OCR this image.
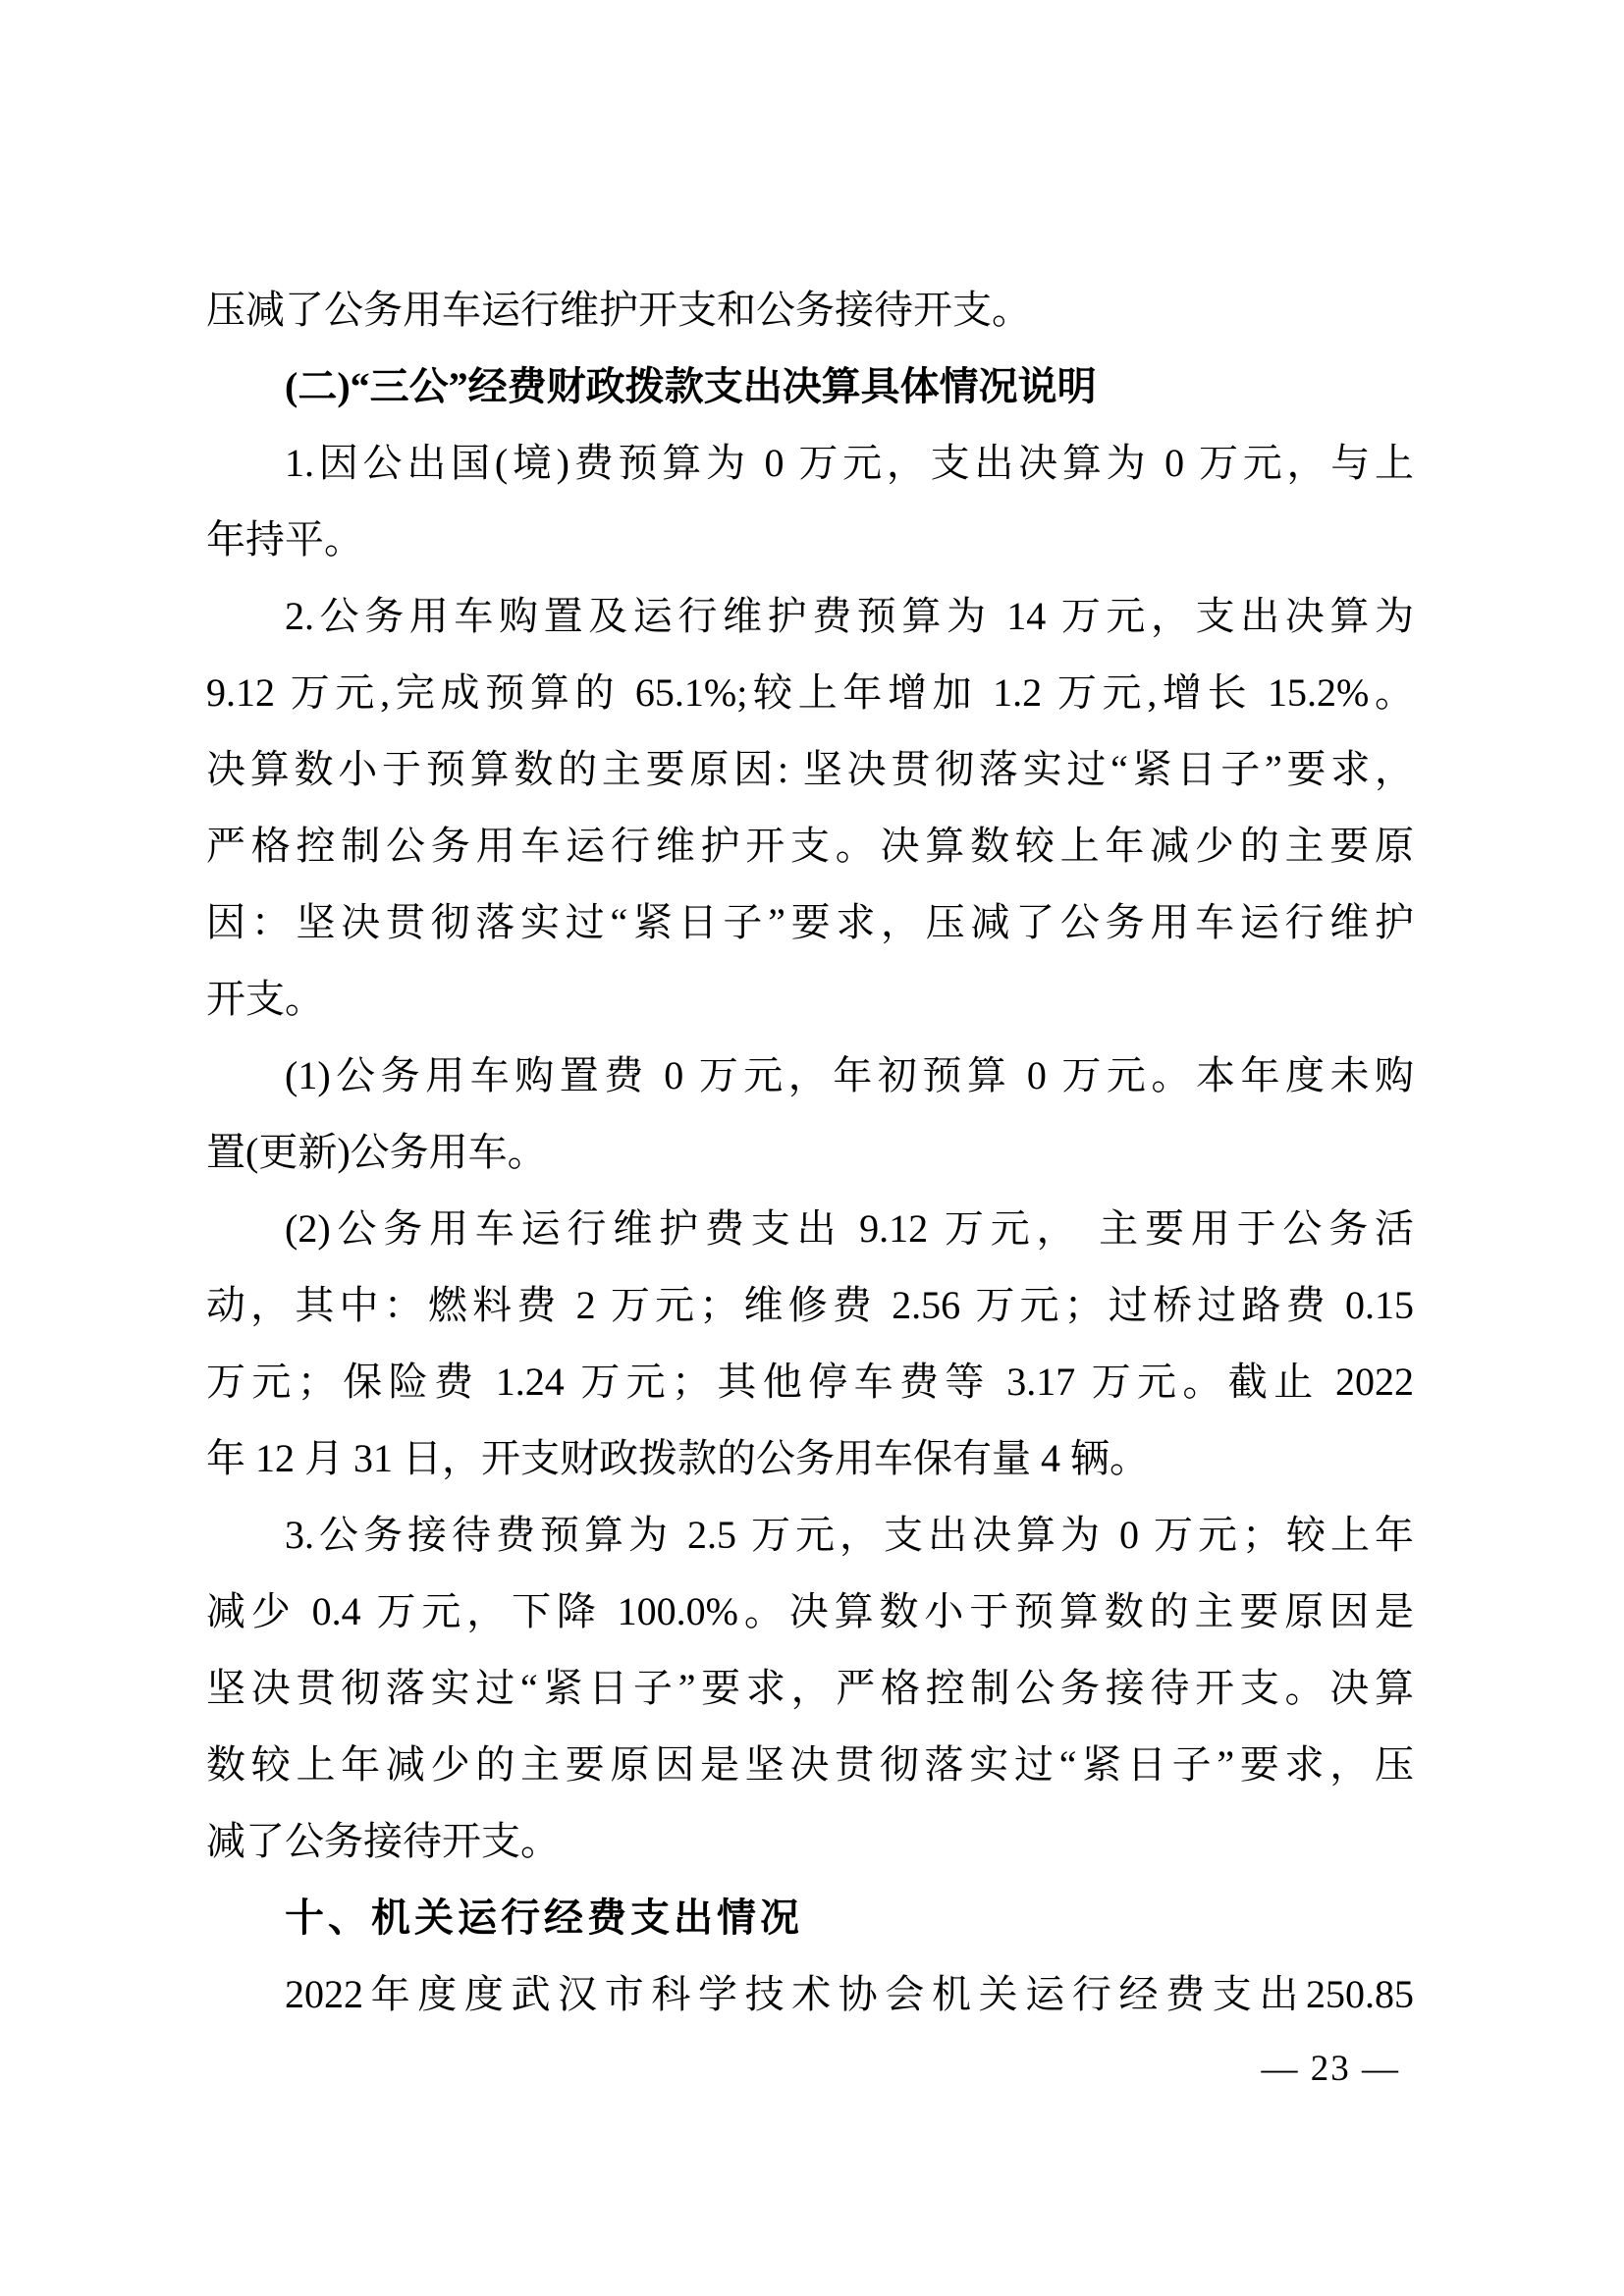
压减了公务用车运行维护开支和公务接待开支。
(二)“三公”经费财政拨款支出决算具体情况说明
1.因公出国(境)费预算为 0 万元，支出决算为 0 万元，与上
年持平。
2.公务用车购置及运行维护费预算为 14 万元，支出决算为
9.12 万元,完成预算的 65.1%;较上年增加 1.2 万元,增长 15.2%。
决算数小于预算数的主要原因: 坚决贯彻落实过“紧日子”要求，
严格控制公务用车运行维护开支。决算数较上年减少的主要原
因：坚决贯彻落实过“紧日子”要求，压减了公务用车运行维护
开支。
(1)公务用车购置费 0 万元，年初预算 0 万元。本年度未购
置(更新)公务用车。
(2)公务用车运行维护费支出 9.12 万元， 主要用于公务活
动，其中：燃料费 2 万元；维修费 2.56 万元；过桥过路费 0.15
万元；保险费 1.24 万元；其他停车费等 3.17 万元。截止 2022
年 12 月 31 日，开支财政拨款的公务用车保有量 4 辆。
3.公务接待费预算为 2.5 万元，支出决算为 0 万元；较上年
减少 0.4 万元，下降 100.0%。决算数小于预算数的主要原因是
坚决贯彻落实过“紧日子”要求，严格控制公务接待开支。决算
数较上年减少的主要原因是坚决贯彻落实过“紧日子”要求，压
减了公务接待开支。
十、机关运行经费支出情况
2022年度度武汉市科学技术协会机关运行经费支出250.85
— 23 —
